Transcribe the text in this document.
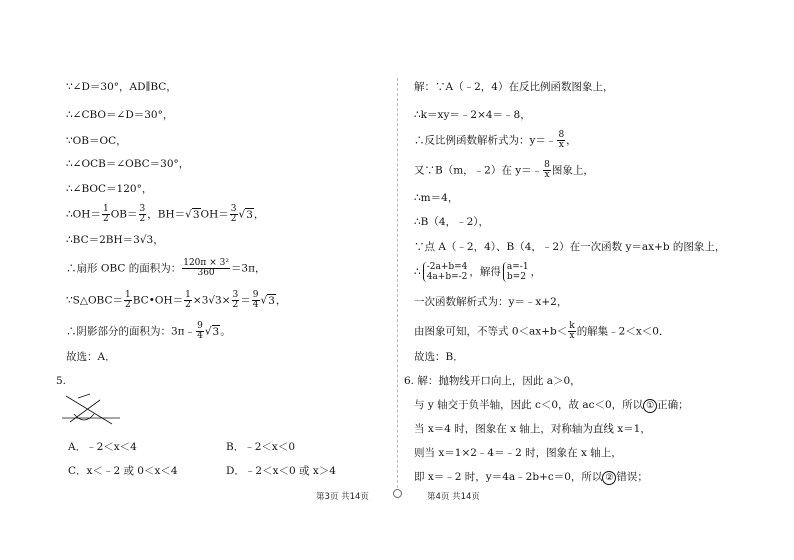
∵∠D＝30°，AD∥BC，
∴∠CBO＝∠D＝30°，
∵OB＝OC，
∴∠OCB＝∠OBC＝30°，
∴∠BOC＝120°，
∴OH＝ $\frac{1}{2} OB= \frac{3}{2}$ ，$BH=√3OH= \frac{3}{2} √3$，
∴BC＝2BH＝3√3，
∴扇形 OBC 的面积为： $\frac{\text{120π × 3²}}{360} =3\pi$，
∵S△OBC＝ $\frac{1}{2}$ BC•OH＝ $\frac{1}{2} \times 3√3\times \frac{3}{2} = \frac{9}{4} √3$，
∴阴影部分的面积为：3π﹣ $\frac{9}{4} √3$。
故选：A．
5.
A．﹣2＜x＜4	B．﹣2＜x＜0
C．x＜﹣2 或 0＜x＜4	D．﹣2＜x＜0 或 x＞4
解：∵A（﹣2，4）在反比例函数图象上，
∴k＝xy＝﹣2×4＝﹣8，
∴反比例函数解析式为：y＝﹣ $\frac{8}{x}$ ，
又∵B（m，﹣2）在 y＝﹣ $\frac{8}{x}$ 图象上，
∴m＝4，
∴B（4，﹣2），
∵点 A（﹣2，4）、B（4，﹣2）在一次函数 y＝ax+b 的图象上，
∴ -2a+b=4
4a+b=-2 ，解得 a=-1
b=2 ，
一次函数解析式为：y＝﹣x+2，
由图象可知，不等式 $0<ax+b< \frac{k}{x}$ 的解集﹣2＜x＜0．
故选：B．
6. 解：抛物线开口向上，因此 a＞0，
与 y 轴交于负半轴，因此 c＜0，故 ac＜0，所以 ① 正确；
当 x＝4 时，图象在 x 轴上，对称轴为直线 x＝1，
则当 x＝1×2﹣4＝﹣2 时，图象在 x 轴上，
即 x＝﹣2 时，y＝4a﹣2b+c＝0，所以 ② 错误；
第3页 共14页	第4页 共14页
